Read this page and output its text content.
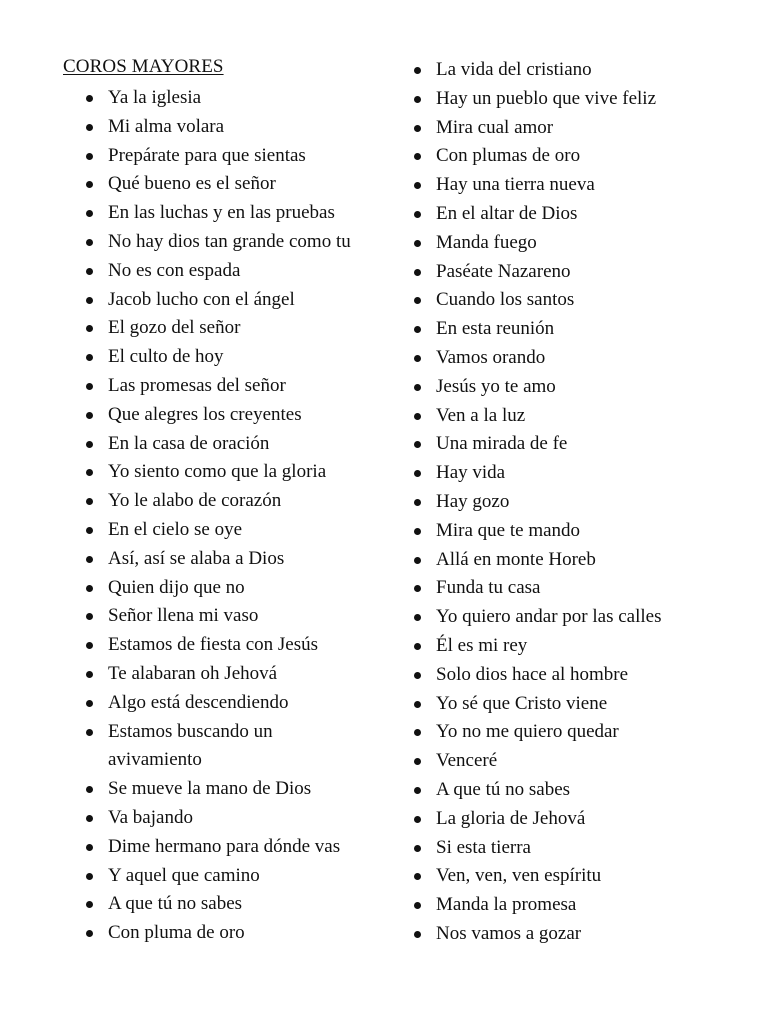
COROS MAYORES
Ya la iglesia
Mi alma volara
Prepárate para que sientas
Qué bueno es el señor
En las luchas y en las pruebas
No hay dios tan grande como tu
No es con espada
Jacob lucho con el ángel
El gozo del señor
El culto de hoy
Las promesas del señor
Que alegres los creyentes
En la casa de oración
Yo siento como que la gloria
Yo le alabo de corazón
En el cielo se oye
Así, así se alaba a Dios
Quien dijo que no
Señor llena mi vaso
Estamos de fiesta con Jesús
Te alabaran oh Jehová
Algo está descendiendo
Estamos buscando un avivamiento
Se mueve la mano de Dios
Va bajando
Dime hermano para dónde vas
Y aquel que camino
A que tú no sabes
Con pluma de oro
La vida del cristiano
Hay un pueblo que vive feliz
Mira cual amor
Con plumas de oro
Hay una tierra nueva
En el altar de Dios
Manda fuego
Paséate Nazareno
Cuando los santos
En esta reunión
Vamos orando
Jesús yo te amo
Ven a la luz
Una mirada de fe
Hay vida
Hay gozo
Mira que te mando
Allá en monte Horeb
Funda tu casa
Yo quiero andar por las calles
Él es mi rey
Solo dios hace al hombre
Yo sé que Cristo viene
Yo no me quiero quedar
Venceré
A que tú no sabes
La gloria de Jehová
Si esta tierra
Ven, ven, ven espíritu
Manda la promesa
Nos vamos a gozar
